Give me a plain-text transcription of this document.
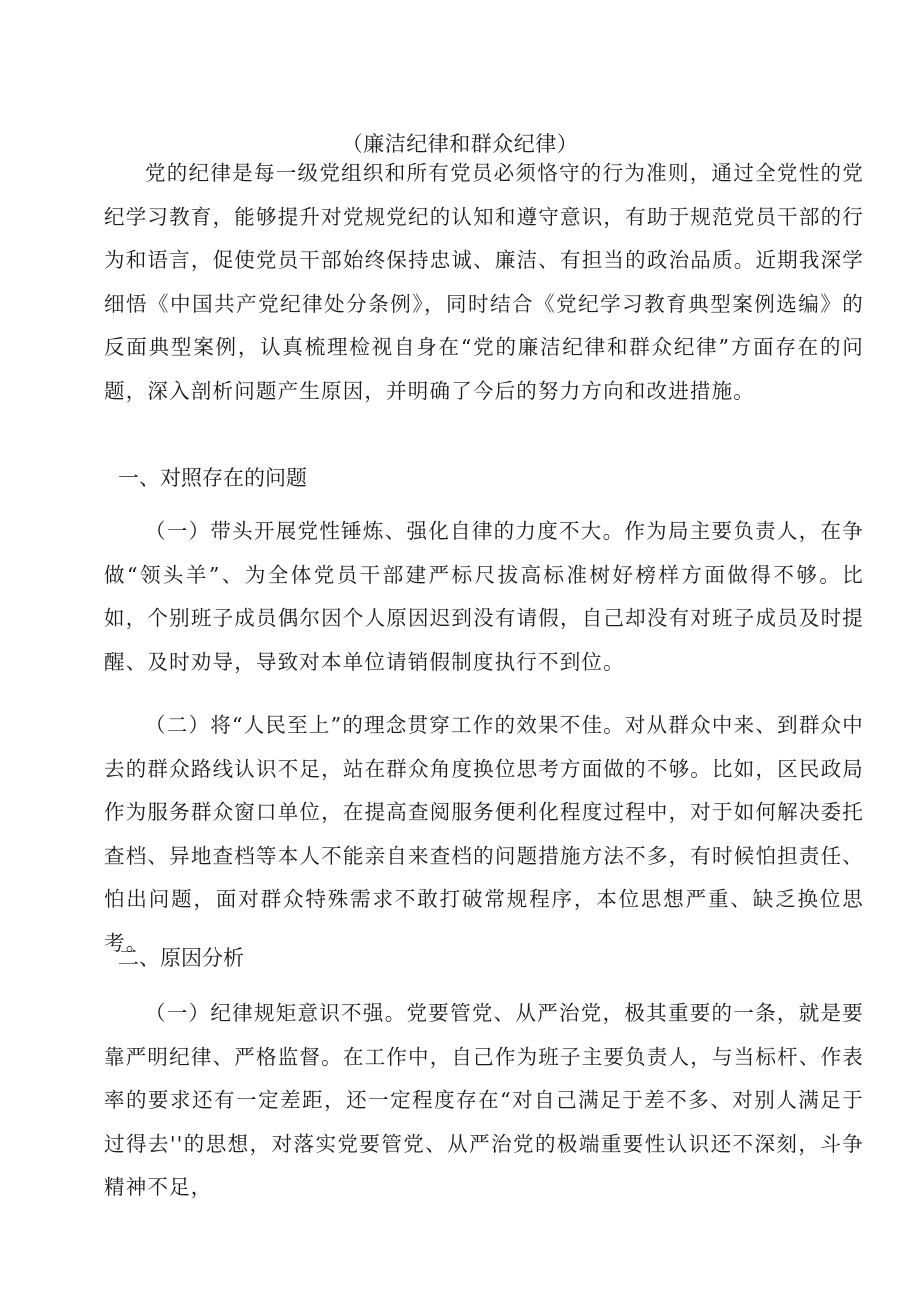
（廉洁纪律和群众纪律）

党的纪律是每一级党组织和所有党员必须恪守的行为准则，通过全党性的党纪学习教育，能够提升对党规党纪的认知和遵守意识，有助于规范党员干部的行为和语言，促使党员干部始终保持忠诚、廉洁、有担当的政治品质。近期我深学细悟《中国共产党纪律处分条例》，同时结合《党纪学习教育典型案例选编》的反面典型案例，认真梳理检视自身在“党的廉洁纪律和群众纪律”方面存在的问题，深入剖析问题产生原因，并明确了今后的努力方向和改进措施。

一、对照存在的问题

（一）带头开展党性锤炼、强化自律的力度不大。作为局主要负责人，在争做“领头羊”、为全体党员干部建严标尺拔高标准树好榜样方面做得不够。比如，个别班子成员偶尔因个人原因迟到没有请假，自己却没有对班子成员及时提醒、及时劝导，导致对本单位请销假制度执行不到位。

（二）将“人民至上”的理念贯穿工作的效果不佳。对从群众中来、到群众中去的群众路线认识不足，站在群众角度换位思考方面做的不够。比如，区民政局作为服务群众窗口单位，在提高查阅服务便利化程度过程中，对于如何解决委托查档、异地查档等本人不能亲自来查档的问题措施方法不多，有时候怕担责任、怕出问题，面对群众特殊需求不敢打破常规程序，本位思想严重、缺乏换位思考。

二、原因分析

（一）纪律规矩意识不强。党要管党、从严治党，极其重要的一条，就是要靠严明纪律、严格监督。在工作中，自己作为班子主要负责人，与当标杆、作表率的要求还有一定差距，还一定程度存在“对自己满足于差不多、对别人满足于过得去''的思想，对落实党要管党、从严治党的极端重要性认识还不深刻，斗争精神不足，
